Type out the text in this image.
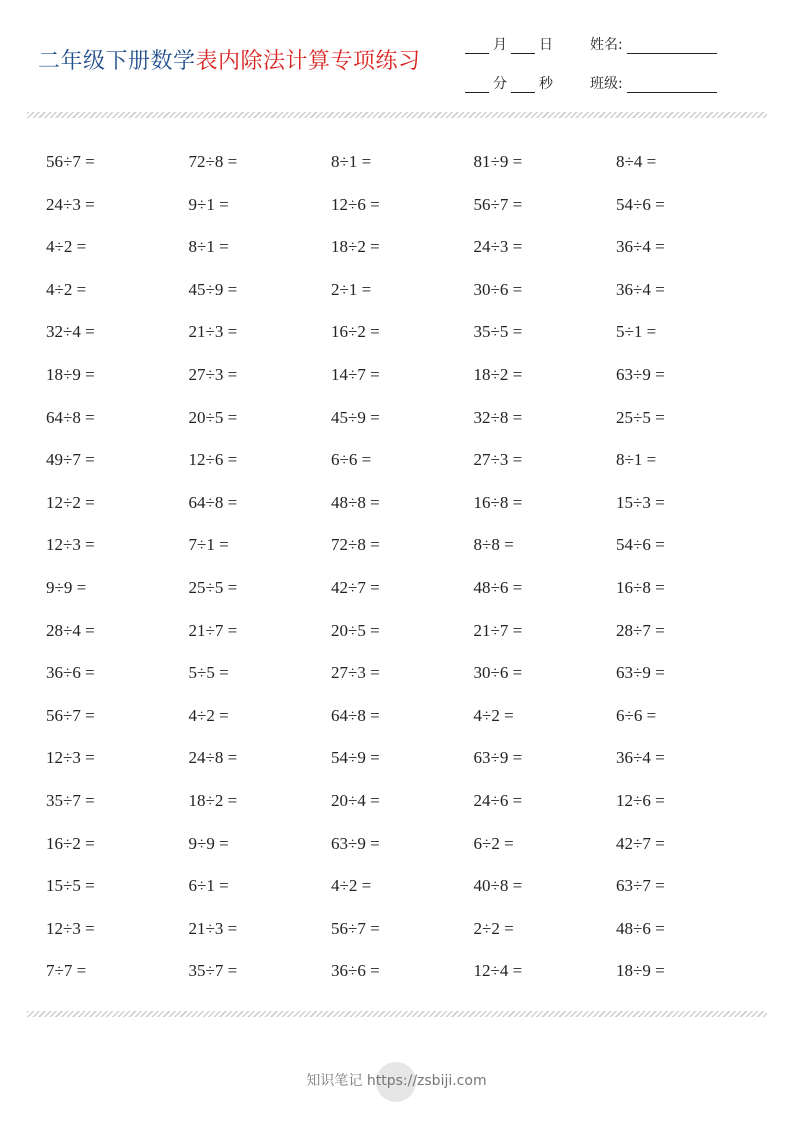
二年级下册数学表内除法计算专项练习
月 日
分 秒
姓名:
班级:
56÷7 =	72÷8 =	8÷1 =	81÷9 =	8÷4 =
24÷3 =	9÷1 =	12÷6 =	56÷7 =	54÷6 =
4÷2 =	8÷1 =	18÷2 =	24÷3 =	36÷4 =
4÷2 =	45÷9 =	2÷1 =	30÷6 =	36÷4 =
32÷4 =	21÷3 =	16÷2 =	35÷5 =	5÷1 =
18÷9 =	27÷3 =	14÷7 =	18÷2 =	63÷9 =
64÷8 =	20÷5 =	45÷9 =	32÷8 =	25÷5 =
49÷7 =	12÷6 =	6÷6 =	27÷3 =	8÷1 =
12÷2 =	64÷8 =	48÷8 =	16÷8 =	15÷3 =
12÷3 =	7÷1 =	72÷8 =	8÷8 =	54÷6 =
9÷9 =	25÷5 =	42÷7 =	48÷6 =	16÷8 =
28÷4 =	21÷7 =	20÷5 =	21÷7 =	28÷7 =
36÷6 =	5÷5 =	27÷3 =	30÷6 =	63÷9 =
56÷7 =	4÷2 =	64÷8 =	4÷2 =	6÷6 =
12÷3 =	24÷8 =	54÷9 =	63÷9 =	36÷4 =
35÷7 =	18÷2 =	20÷4 =	24÷6 =	12÷6 =
16÷2 =	9÷9 =	63÷9 =	6÷2 =	42÷7 =
15÷5 =	6÷1 =	4÷2 =	40÷8 =	63÷7 =
12÷3 =	21÷3 =	56÷7 =	2÷2 =	48÷6 =
7÷7 =	35÷7 =	36÷6 =	12÷4 =	18÷9 =
知识笔记 https://zsbiji.com
